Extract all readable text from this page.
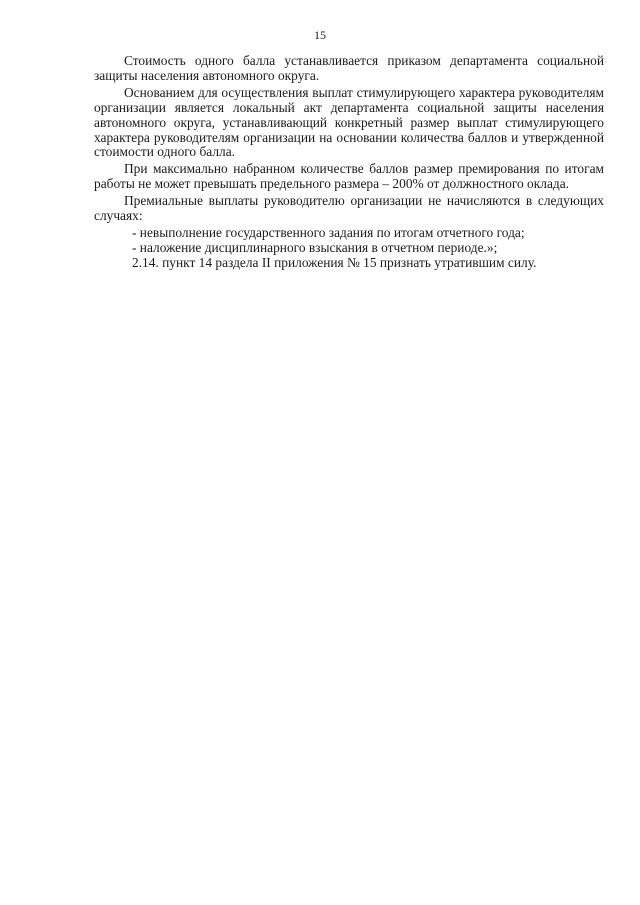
15

Стоимость одного балла устанавливается приказом департамента социальной защиты населения автономного округа.

Основанием для осуществления выплат стимулирующего характера руководителям организации является локальный акт департамента социальной защиты населения автономного округа, устанавливающий конкретный размер выплат стимулирующего характера руководителям организации на основании количества баллов и утвержденной стоимости одного балла.

При максимально набранном количестве баллов размер премирования по итогам работы не может превышать предельного размера – 200% от должностного оклада.

Премиальные выплаты руководителю организации не начисляются в следующих случаях:

- невыполнение государственного задания по итогам отчетного года;

- наложение дисциплинарного взыскания в отчетном периоде.»;

2.14. пункт 14 раздела II приложения № 15 признать утратившим силу.
